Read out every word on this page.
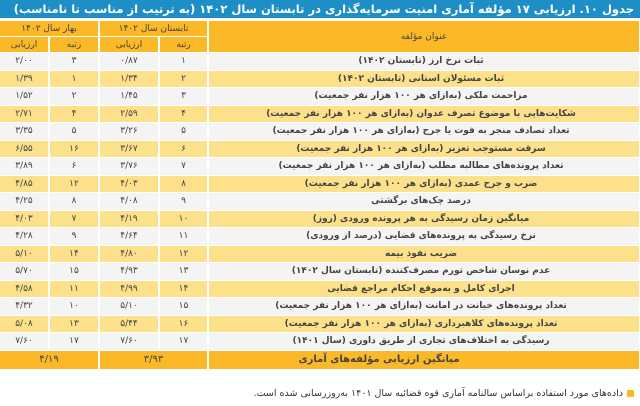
جدول ۱۰. ارزیابی ۱۷ مؤلفه آماری امنیت سرمایه‌گذاری در تابستان سال ۱۴۰۲ (به ترتیب از مناسب تا نامناسب)
بهار سال ۱۴۰۲		تابستان سال ۱۴۰۲		عنوان مؤلفه
ارزیابی	رتبه	ارزیابی	رتبه	
۲/۰۰	۳	۰/۸۷	۱	ثبات نرخ ارز (تابستان ۱۴۰۲)
۱/۳۹	۱	۱/۳۴	۲	ثبات مسئولان استانی (تابستان ۱۴۰۲)
۱/۵۲	۲	۱/۴۵	۳	مزاحمت ملکی (به‌ازای هر ۱۰۰ هزار نفر جمعیت)
۲/۷۱	۴	۲/۵۹	۴	شکایت‌هایی با موضوع تصرف عدوان (به‌ازای هر ۱۰۰ هزار نفر جمعیت)
۳/۳۵	۵	۳/۲۶	۵	تعداد تصادف منجر به فوت یا جرح (به‌ازای هر ۱۰۰ هزار نفر جمعیت)
۶/۵۵	۱۶	۳/۶۷	۶	سرقت مستوجب تعزیر (به‌ازای هر ۱۰۰ هزار نفر جمعیت)
۳/۸۹	۶	۳/۷۶	۷	تعداد پرونده‌های مطالبه مطلب (به‌ازای هر ۱۰۰ هزار نفر جمعیت)
۴/۸۵	۱۲	۴/۰۳	۸	ضرب و جرح عمدی (به‌ازای هر ۱۰۰ هزار نفر جمعیت)
۴/۲۵	۸	۴/۰۸	۹	درصد چک‌های برگشتی
۴/۰۳	۷	۴/۱۹	۱۰	میانگین زمان رسیدگی به هر پرونده ورودی (روز)
۴/۲۸	۹	۴/۶۴	۱۱	نرخ رسیدگی به پرونده‌های قضایی (درصد از ورودی)
۵/۱۰	۱۴	۴/۸۰	۱۲	ضریب نفوذ بیمه
۵/۷۰	۱۵	۴/۹۳	۱۳	عدم نوسان شاخص تورم مصرف‌کننده (تابستان سال ۱۴۰۲)
۴/۵۸	۱۱	۴/۹۹	۱۴	اجرای کامل و به‌موقع احکام مراجع قضایی
۴/۳۲	۱۰	۵/۱۰	۱۵	تعداد پرونده‌های خیانت در امانت (به‌ازای هر ۱۰۰ هزار نفر جمعیت)
۵/۰۸	۱۳	۵/۴۴	۱۶	تعداد پرونده‌های کلاهبرداری (به‌ازای هر ۱۰۰ هزار نفر جمعیت)
۷/۶۰	۱۷	۷/۶۰	۱۷	رسیدگی به اختلاف‌های تجاری از طریق داوری (سال ۱۴۰۱)
۴/۱۹		۳/۹۳		میانگین ارزیابی مؤلفه‌های آماری
داده‌های مورد استفاده براساس سالنامه آماری قوه قضائیه سال ۱۴۰۱ به‌روزرسانی شده است.
